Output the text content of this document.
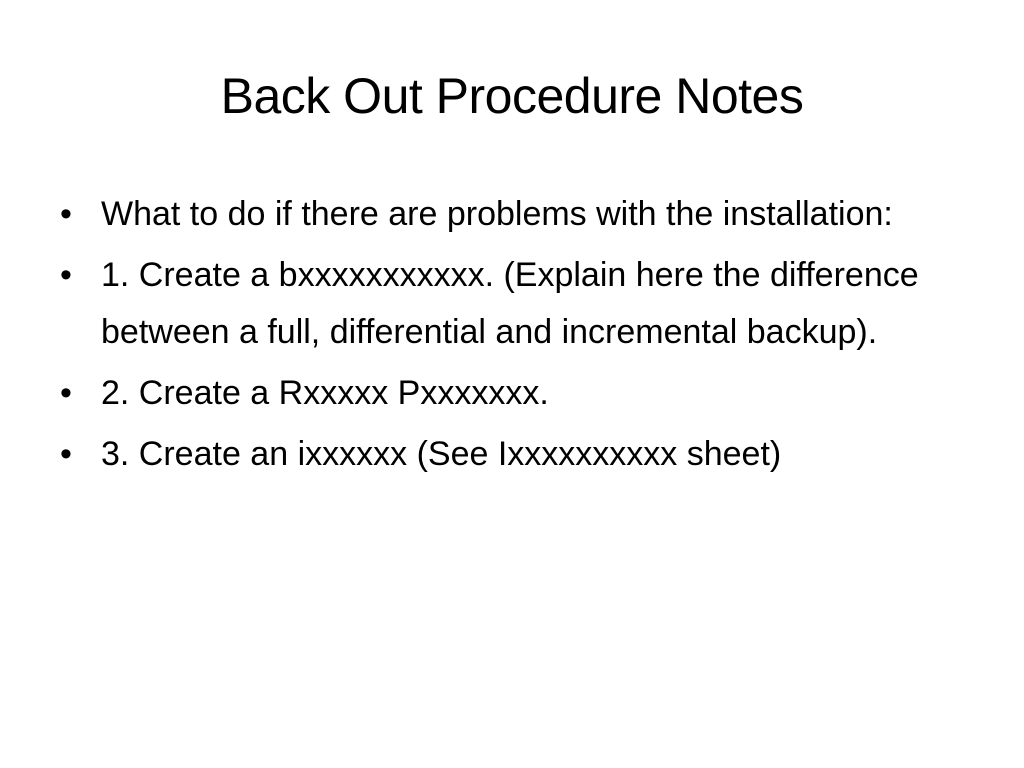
Back Out Procedure Notes
• What to do if there are problems with the installation:
• 1. Create a bxxxxxxxxxxx. (Explain here the difference between a full, differential and incremental backup).
• 2. Create a Rxxxxx Pxxxxxxx.
• 3. Create an ixxxxxx (See Ixxxxxxxxxx sheet)
